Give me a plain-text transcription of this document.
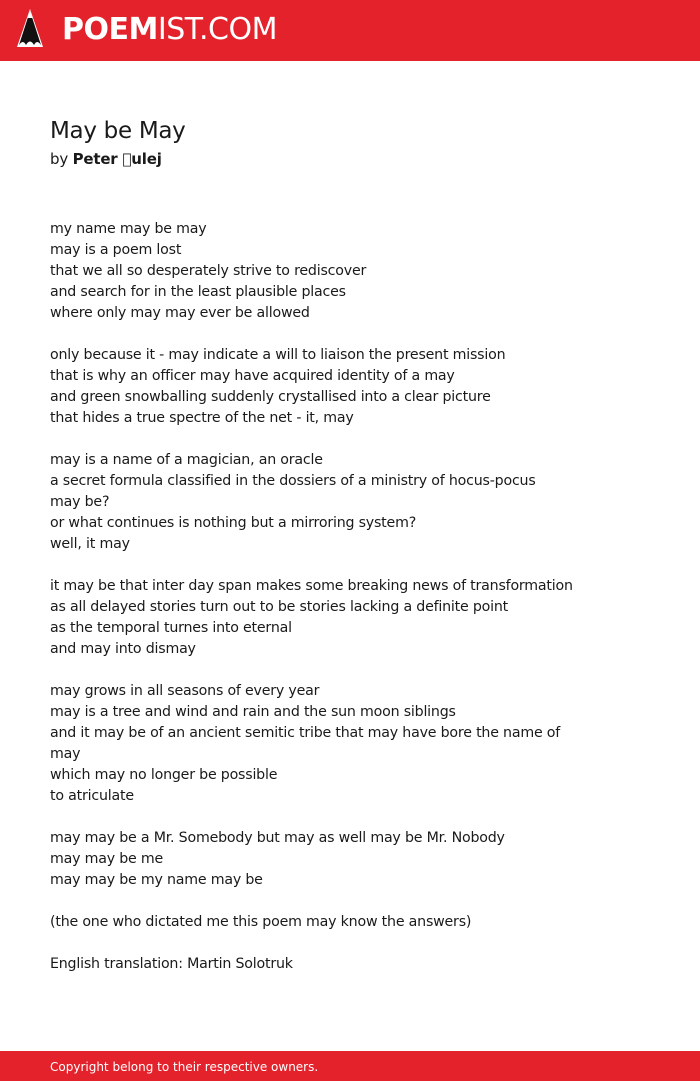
POEMIST.COM
May be May
by Peter  ulej
my name may be may
may is a poem lost
that we all so desperately strive to rediscover
and search for in the least plausible places
where only may may ever be allowed
only because it - may indicate a will to liaison the present mission
that is why an officer may have acquired identity of a may
and green snowballing suddenly crystallised into a clear picture
that hides a true spectre of the net - it, may
may is a name of a magician, an oracle
a secret formula classified in the dossiers of a ministry of hocus-pocus
may be?
or what continues is nothing but a mirroring system?
well, it may
it may be that inter day span makes some breaking news of transformation
as all delayed stories turn out to be stories lacking a definite point
as the temporal turnes into eternal
and may into dismay
may grows in all seasons of every year
may is a tree and wind and rain and the sun moon siblings
and it may be of an ancient semitic tribe that may have bore the name of
may
which may no longer be possible
to atriculate
may may be a Mr. Somebody but may as well may be Mr. Nobody
may may be me
may may be my name may be
(the one who dictated me this poem may know the answers)
English translation: Martin Solotruk
Copyright belong to their respective owners.
